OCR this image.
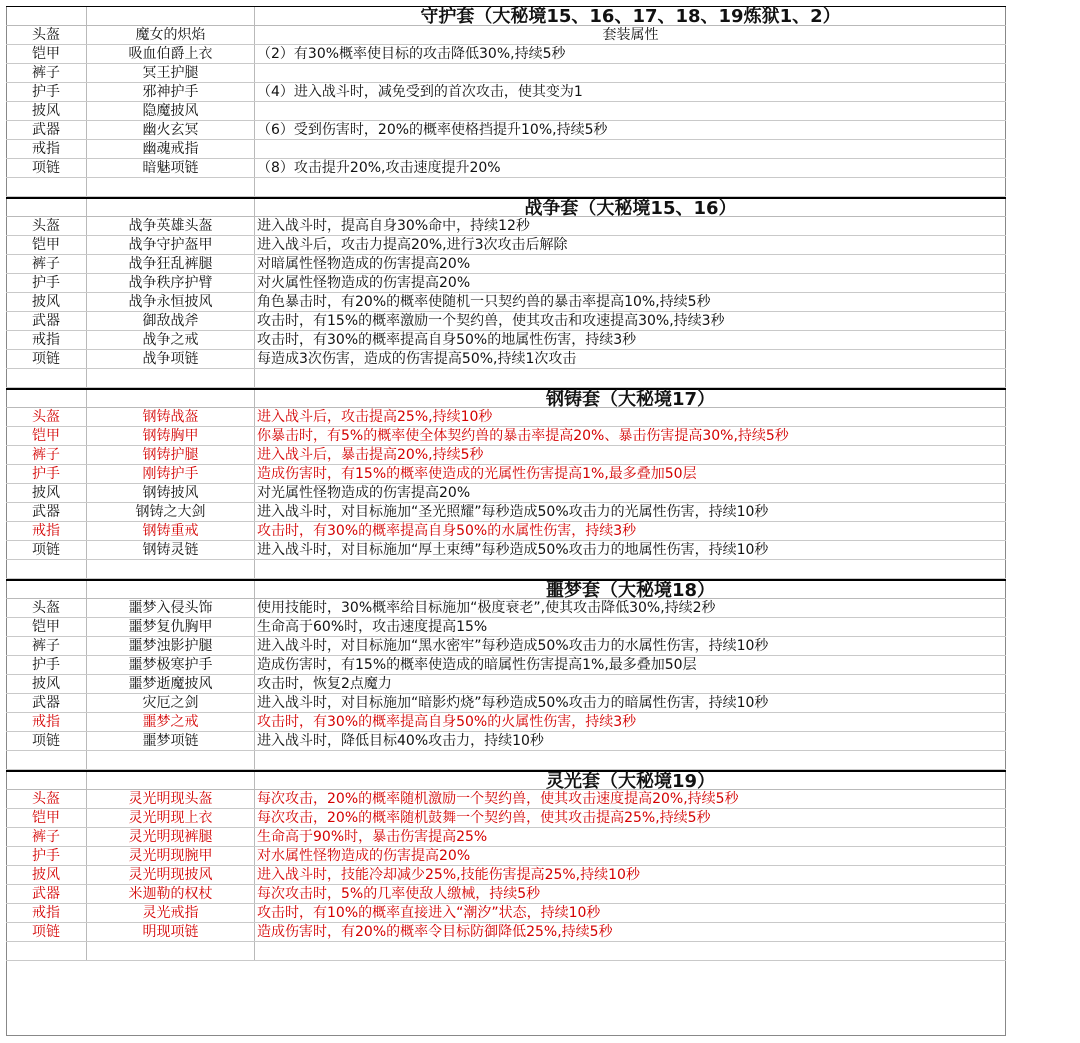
守护套（大秘境15、16、17、18、19炼狱1、2）
头盔	魔女的炽焰	套装属性
铠甲	吸血伯爵上衣	（2）有30%概率使目标的攻击降低30%,持续5秒
裤子	冥王护腿
护手	邪神护手	（4）进入战斗时，减免受到的首次攻击，使其变为1
披风	隐魔披风
武器	幽火玄冥	（6）受到伤害时，20%的概率使格挡提升10%,持续5秒
戒指	幽魂戒指
项链	暗魅项链	（8）攻击提升20%,攻击速度提升20%
战争套（大秘境15、16）
头盔	战争英雄头盔	进入战斗时，提高自身30%命中，持续12秒
铠甲	战争守护盔甲	进入战斗后，攻击力提高20%,进行3次攻击后解除
裤子	战争狂乱裤腿	对暗属性怪物造成的伤害提高20%
护手	战争秩序护臂	对火属性怪物造成的伤害提高20%
披风	战争永恒披风	角色暴击时，有20%的概率使随机一只契约兽的暴击率提高10%,持续5秒
武器	御敌战斧	攻击时，有15%的概率激励一个契约兽，使其攻击和攻速提高30%,持续3秒
戒指	战争之戒	攻击时，有30%的概率提高自身50%的地属性伤害，持续3秒
项链	战争项链	每造成3次伤害，造成的伤害提高50%,持续1次攻击
钢铸套（大秘境17）
头盔	钢铸战盔	进入战斗后，攻击提高25%,持续10秒
铠甲	钢铸胸甲	你暴击时，有5%的概率使全体契约兽的暴击率提高20%、暴击伤害提高30%,持续5秒
裤子	钢铸护腿	进入战斗后，暴击提高20%,持续5秒
护手	刚铸护手	造成伤害时，有15%的概率使造成的光属性伤害提高1%,最多叠加50层
披风	钢铸披风	对光属性怪物造成的伤害提高20%
武器	钢铸之大剑	进入战斗时，对目标施加“圣光照耀”每秒造成50%攻击力的光属性伤害，持续10秒
戒指	钢铸重戒	攻击时，有30%的概率提高自身50%的水属性伤害，持续3秒
项链	钢铸灵链	进入战斗时，对目标施加“厚土束缚”每秒造成50%攻击力的地属性伤害，持续10秒
噩梦套（大秘境18）
头盔	噩梦入侵头饰	使用技能时，30%概率给目标施加“极度衰老”,使其攻击降低30%,持续2秒
铠甲	噩梦复仇胸甲	生命高于60%时，攻击速度提高15%
裤子	噩梦浊影护腿	进入战斗时，对目标施加“黑水密牢”每秒造成50%攻击力的水属性伤害，持续10秒
护手	噩梦极寒护手	造成伤害时，有15%的概率使造成的暗属性伤害提高1%,最多叠加50层
披风	噩梦逝魔披风	攻击时，恢复2点魔力
武器	灾厄之剑	进入战斗时，对目标施加“暗影灼烧”每秒造成50%攻击力的暗属性伤害，持续10秒
戒指	噩梦之戒	攻击时，有30%的概率提高自身50%的火属性伤害，持续3秒
项链	噩梦项链	进入战斗时，降低目标40%攻击力，持续10秒
灵光套（大秘境19）
头盔	灵光明现头盔	每次攻击，20%的概率随机激励一个契约兽，使其攻击速度提高20%,持续5秒
铠甲	灵光明现上衣	每次攻击，20%的概率随机鼓舞一个契约兽，使其攻击提高25%,持续5秒
裤子	灵光明现裤腿	生命高于90%时，暴击伤害提高25%
护手	灵光明现腕甲	对水属性怪物造成的伤害提高20%
披风	灵光明现披风	进入战斗时，技能冷却减少25%,技能伤害提高25%,持续10秒
武器	米迦勒的权杖	每次攻击时，5%的几率使敌人缴械，持续5秒
戒指	灵光戒指	攻击时，有10%的概率直接进入“潮汐”状态，持续10秒
项链	明现项链	造成伤害时，有20%的概率令目标防御降低25%,持续5秒
